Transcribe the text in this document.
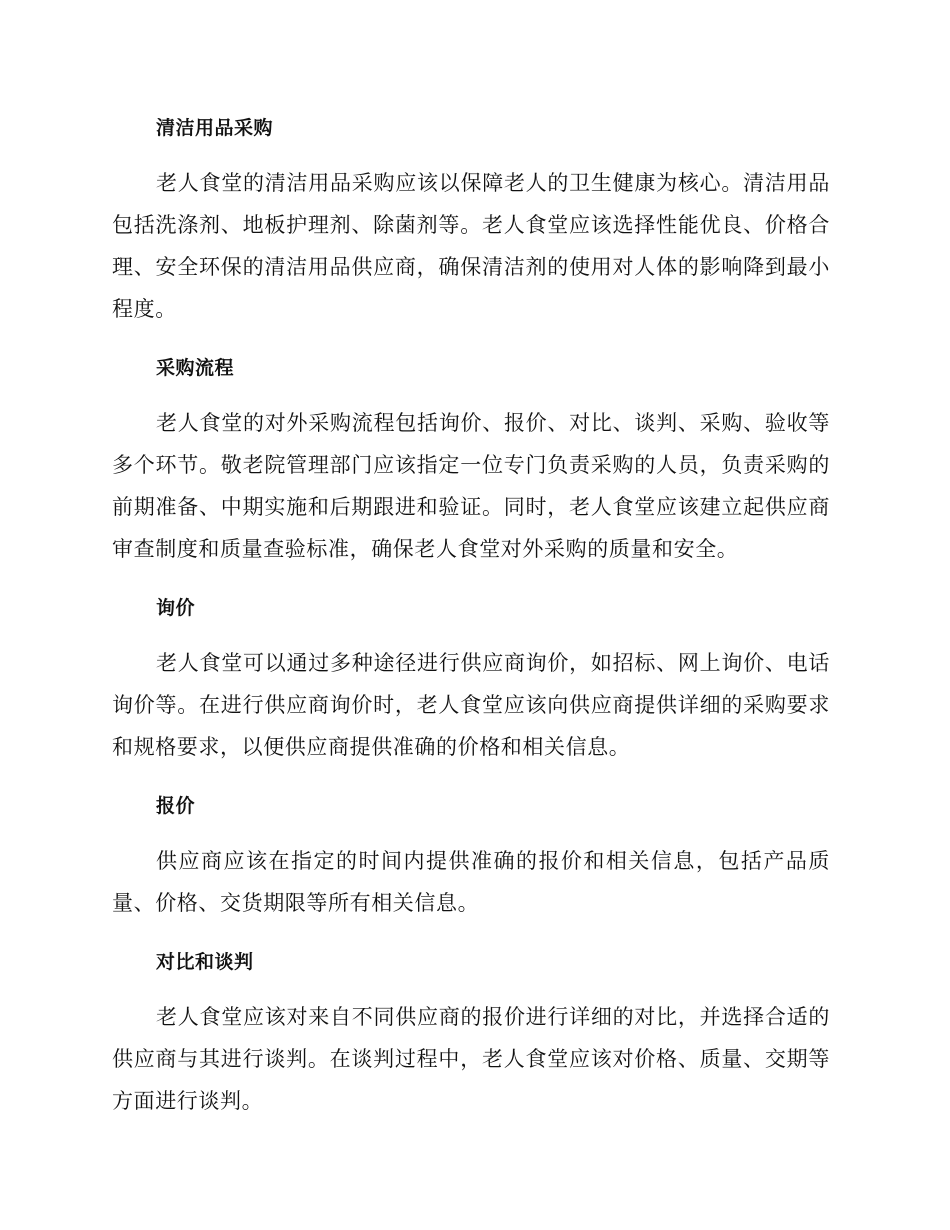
清洁用品采购

老人食堂的清洁用品采购应该以保障老人的卫生健康为核心。清洁用品包括洗涤剂、地板护理剂、除菌剂等。老人食堂应该选择性能优良、价格合理、安全环保的清洁用品供应商，确保清洁剂的使用对人体的影响降到最小程度。

采购流程

老人食堂的对外采购流程包括询价、报价、对比、谈判、采购、验收等多个环节。敬老院管理部门应该指定一位专门负责采购的人员，负责采购的前期准备、中期实施和后期跟进和验证。同时，老人食堂应该建立起供应商审查制度和质量查验标准，确保老人食堂对外采购的质量和安全。

询价

老人食堂可以通过多种途径进行供应商询价，如招标、网上询价、电话询价等。在进行供应商询价时，老人食堂应该向供应商提供详细的采购要求和规格要求，以便供应商提供准确的价格和相关信息。

报价

供应商应该在指定的时间内提供准确的报价和相关信息，包括产品质量、价格、交货期限等所有相关信息。

对比和谈判

老人食堂应该对来自不同供应商的报价进行详细的对比，并选择合适的供应商与其进行谈判。在谈判过程中，老人食堂应该对价格、质量、交期等方面进行谈判。
